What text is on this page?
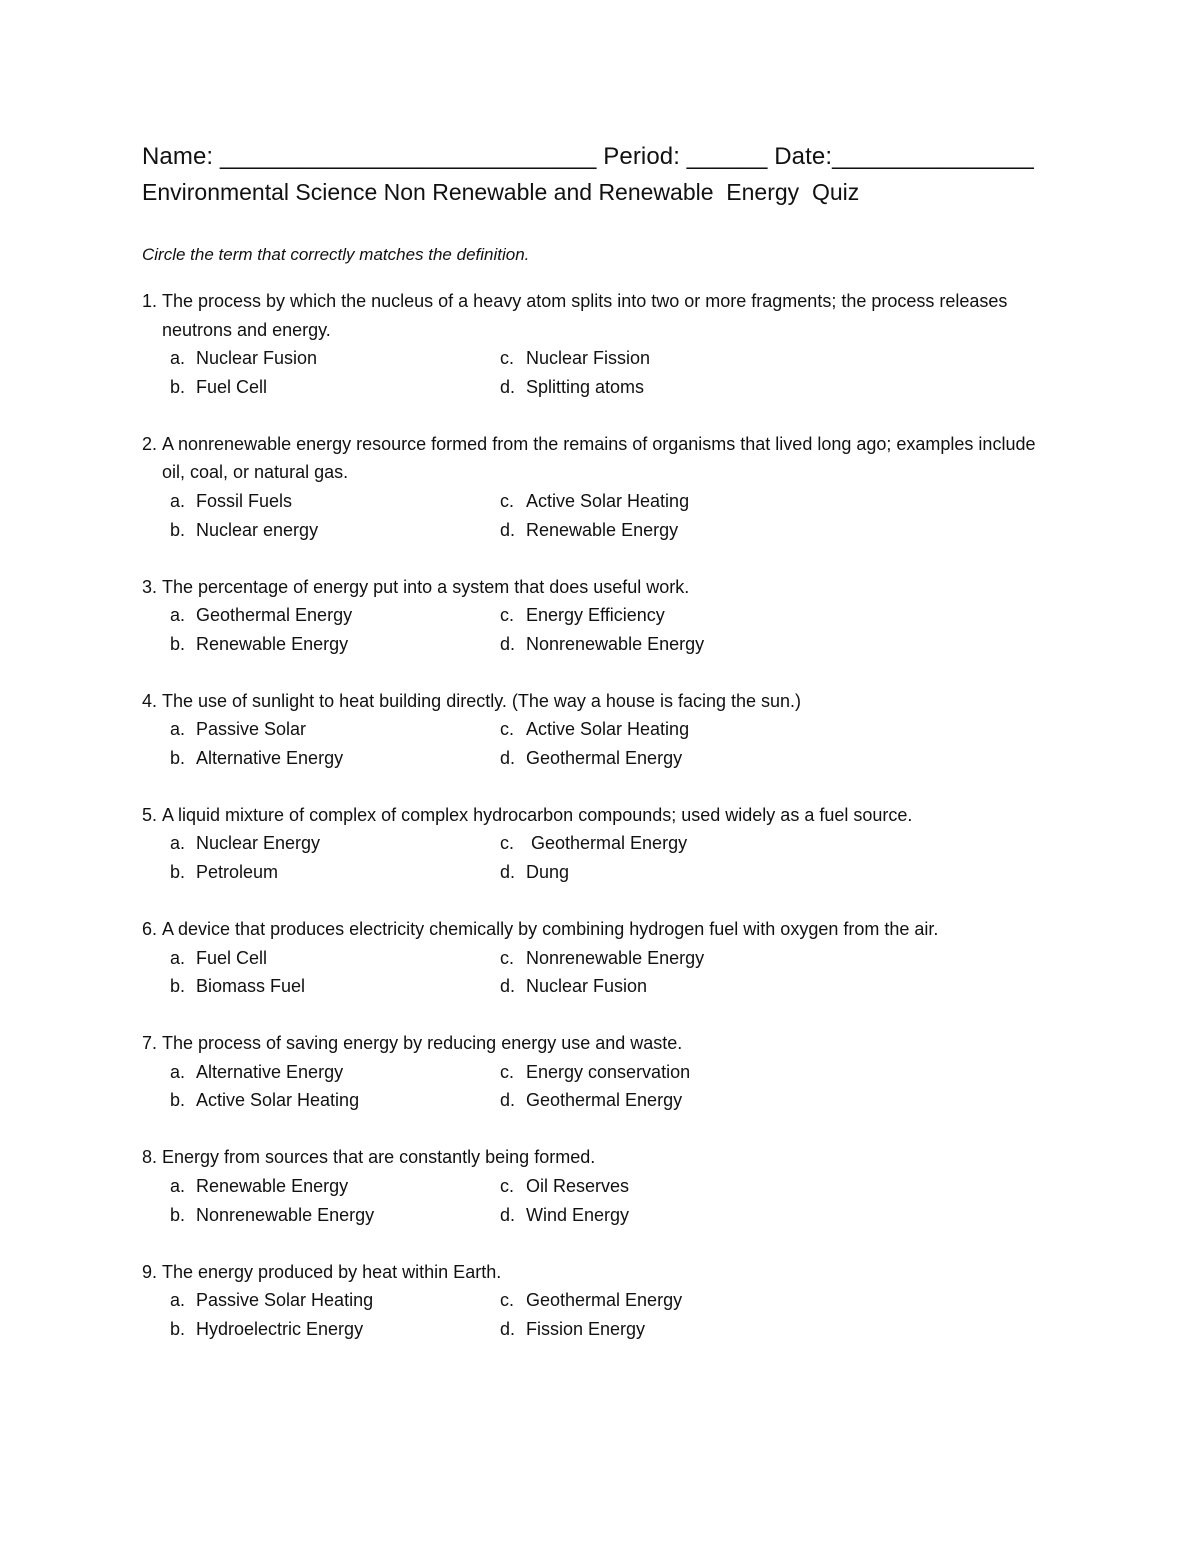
Name: ____________________________ Period: ______ Date:_______________
Environmental Science Non Renewable and Renewable  Energy  Quiz
Circle the term that correctly matches the definition.
1. The process by which the nucleus of a heavy atom splits into two or more fragments; the process releases neutrons and energy.
a. Nuclear Fusion	c. Nuclear Fission
b. Fuel Cell	d. Splitting atoms
2. A nonrenewable energy resource formed from the remains of organisms that lived long ago; examples include oil, coal, or natural gas.
a. Fossil Fuels	c. Active Solar Heating
b. Nuclear energy	d. Renewable Energy
3. The percentage of energy put into a system that does useful work.
a. Geothermal Energy	c. Energy Efficiency
b. Renewable Energy	d. Nonrenewable Energy
4. The use of sunlight to heat building directly. (The way a house is facing the sun.)
a. Passive Solar	c. Active Solar Heating
b. Alternative Energy	d. Geothermal Energy
5. A liquid mixture of complex of complex hydrocarbon compounds; used widely as a fuel source.
a. Nuclear Energy	c. Geothermal Energy
b. Petroleum	d. Dung
6. A device that produces electricity chemically by combining hydrogen fuel with oxygen from the air.
a. Fuel Cell	c. Nonrenewable Energy
b. Biomass Fuel	d. Nuclear Fusion
7. The process of saving energy by reducing energy use and waste.
a. Alternative Energy	c. Energy conservation
b. Active Solar Heating	d. Geothermal Energy
8. Energy from sources that are constantly being formed.
a. Renewable Energy	c. Oil Reserves
b. Nonrenewable Energy	d. Wind Energy
9. The energy produced by heat within Earth.
a. Passive Solar Heating	c. Geothermal Energy
b. Hydroelectric Energy	d. Fission Energy
